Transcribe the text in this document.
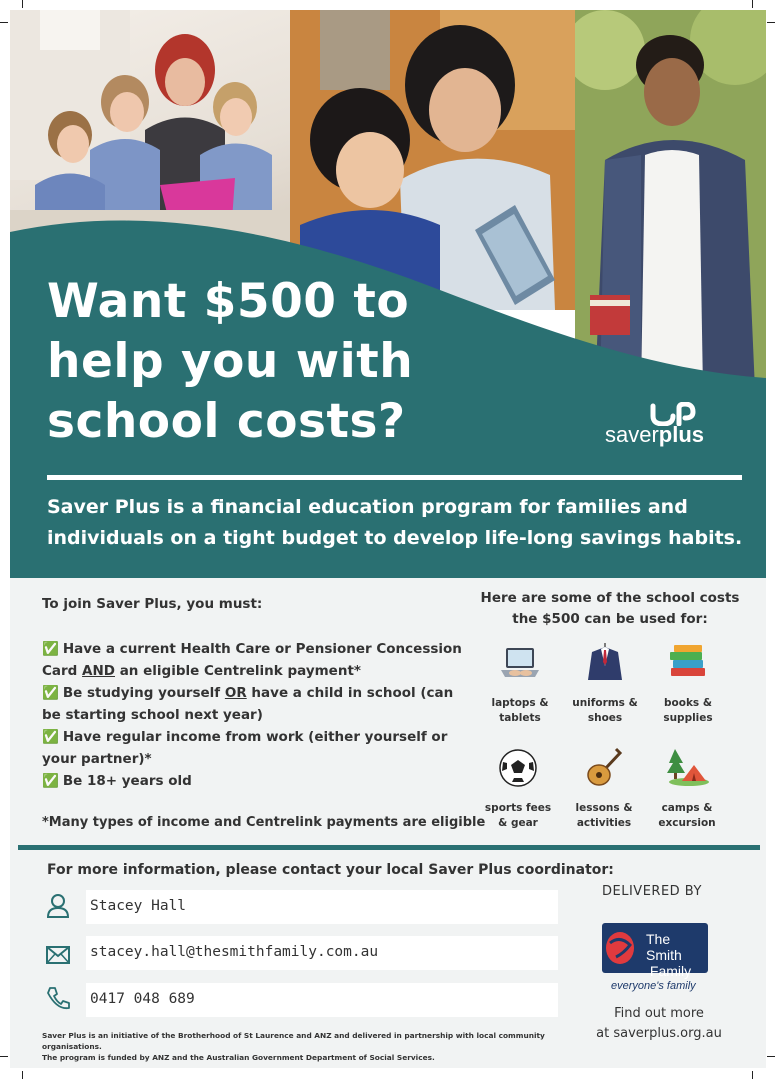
Want $500 to
help you with
school costs?	saverplus
Saver Plus is a financial education program for families and individuals on a tight budget to develop life-long savings habits.
To join Saver Plus, you must:
✅ Have a current Health Care or Pensioner Concession Card AND an eligible Centrelink payment*
✅ Be studying yourself OR have a child in school (can be starting school next year)
✅ Have regular income from work (either yourself or your partner)*
✅ Be 18+ years old
*Many types of income and Centrelink payments are eligible
Here are some of the school costs
the $500 can be used for:
laptops &
tablets
uniforms &
shoes
books &
supplies
sports fees
& gear
lessons &
activities
camps &
excursion
For more information, please contact your local Saver Plus coordinator:
Stacey Hall
stacey.hall@thesmithfamily.com.au
0417 048 689
DELIVERED BY
The Smith
Family
everyone's family
Find out more
at saverplus.org.au
Saver Plus is an initiative of the Brotherhood of St Laurence and ANZ and delivered in partnership with local community organisations.
The program is funded by ANZ and the Australian Government Department of Social Services.
